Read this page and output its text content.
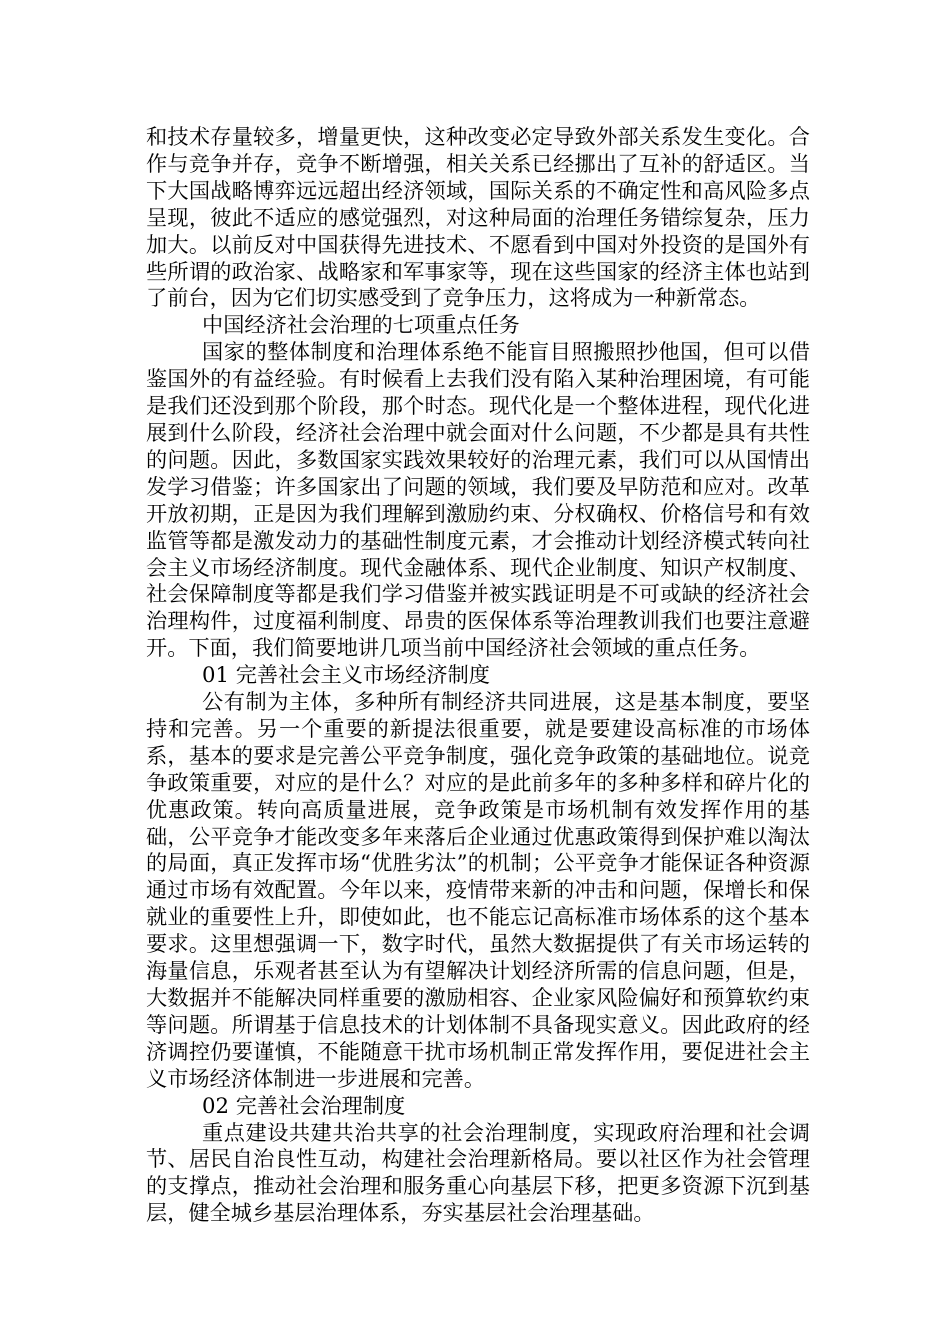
和技术存量较多，增量更快，这种改变必定导致外部关系发生变化。合作与竞争并存，竞争不断增强，相关关系已经挪出了互补的舒适区。当下大国战略博弈远远超出经济领域，国际关系的不确定性和高风险多点呈现，彼此不适应的感觉强烈，对这种局面的治理任务错综复杂，压力加大。以前反对中国获得先进技术、不愿看到中国对外投资的是国外有些所谓的政治家、战略家和军事家等，现在这些国家的经济主体也站到了前台，因为它们切实感受到了竞争压力，这将成为一种新常态。

中国经济社会治理的七项重点任务

国家的整体制度和治理体系绝不能盲目照搬照抄他国，但可以借鉴国外的有益经验。有时候看上去我们没有陷入某种治理困境，有可能是我们还没到那个阶段，那个时态。现代化是一个整体进程，现代化进展到什么阶段，经济社会治理中就会面对什么问题，不少都是具有共性的问题。因此，多数国家实践效果较好的治理元素，我们可以从国情出发学习借鉴；许多国家出了问题的领域，我们要及早防范和应对。改革开放初期，正是因为我们理解到激励约束、分权确权、价格信号和有效监管等都是激发动力的基础性制度元素，才会推动计划经济模式转向社会主义市场经济制度。现代金融体系、现代企业制度、知识产权制度、社会保障制度等都是我们学习借鉴并被实践证明是不可或缺的经济社会治理构件，过度福利制度、昂贵的医保体系等治理教训我们也要注意避开。下面，我们简要地讲几项当前中国经济社会领域的重点任务。

01 完善社会主义市场经济制度

公有制为主体，多种所有制经济共同进展，这是基本制度，要坚持和完善。另一个重要的新提法很重要，就是要建设高标准的市场体系，基本的要求是完善公平竞争制度，强化竞争政策的基础地位。说竞争政策重要，对应的是什么？对应的是此前多年的多种多样和碎片化的优惠政策。转向高质量进展，竞争政策是市场机制有效发挥作用的基础，公平竞争才能改变多年来落后企业通过优惠政策得到保护难以淘汰的局面，真正发挥市场“优胜劣汰”的机制；公平竞争才能保证各种资源通过市场有效配置。今年以来，疫情带来新的冲击和问题，保增长和保就业的重要性上升，即使如此，也不能忘记高标准市场体系的这个基本要求。这里想强调一下，数字时代，虽然大数据提供了有关市场运转的海量信息，乐观者甚至认为有望解决计划经济所需的信息问题，但是，大数据并不能解决同样重要的激励相容、企业家风险偏好和预算软约束等问题。所谓基于信息技术的计划体制不具备现实意义。因此政府的经济调控仍要谨慎，不能随意干扰市场机制正常发挥作用，要促进社会主义市场经济体制进一步进展和完善。

02 完善社会治理制度

重点建设共建共治共享的社会治理制度，实现政府治理和社会调节、居民自治良性互动，构建社会治理新格局。要以社区作为社会管理的支撑点，推动社会治理和服务重心向基层下移，把更多资源下沉到基层，健全城乡基层治理体系，夯实基层社会治理基础。
